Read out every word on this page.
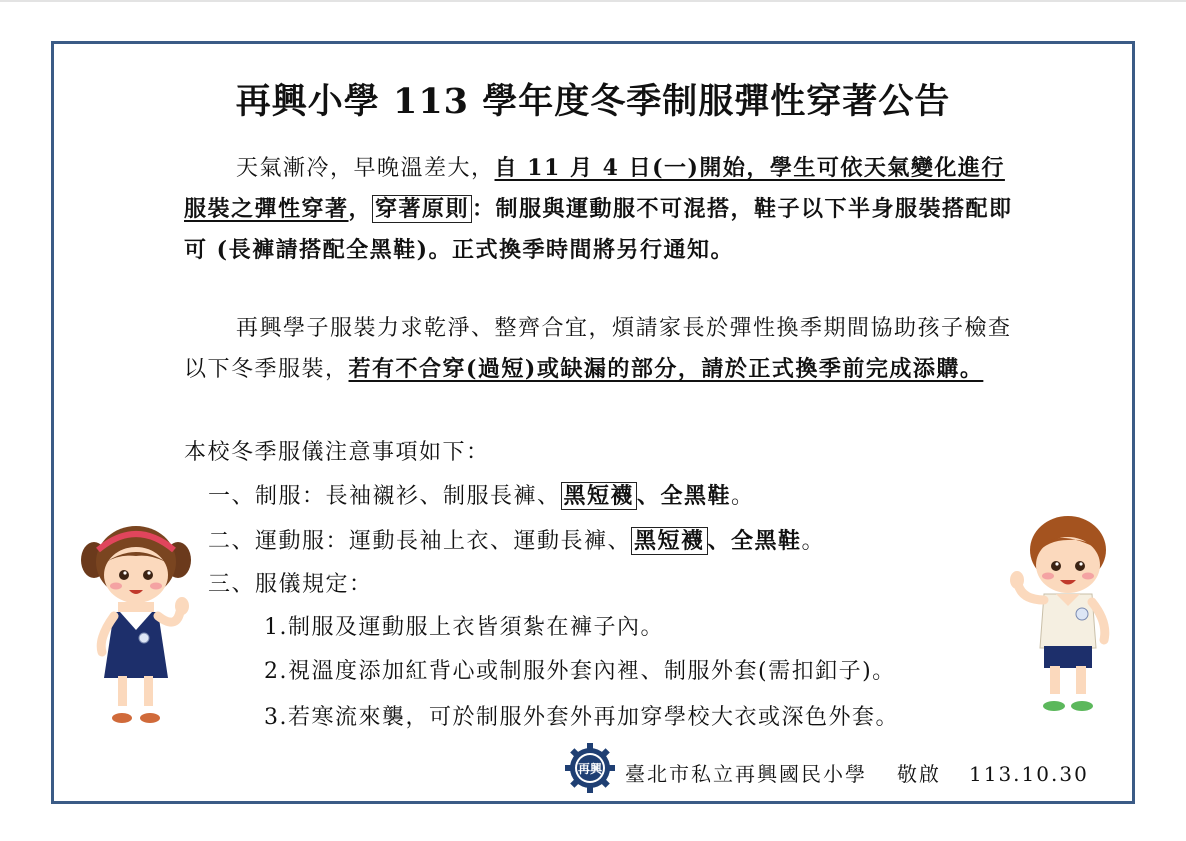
再興小學 113 學年度冬季制服彈性穿著公告
天氣漸冷，早晚溫差大，自 11 月 4 日(一)開始，學生可依天氣變化進行服裝之彈性穿著， 穿著原則 ：制服與運動服不可混搭，鞋子以下半身服裝搭配即可 (長褲請搭配全黑鞋)。正式換季時間將另行通知。
再興學子服裝力求乾淨、整齊合宜，煩請家長於彈性換季期間協助孩子檢查以下冬季服裝，若有不合穿(過短)或缺漏的部分，請於正式換季前完成添購。
本校冬季服儀注意事項如下：
一、制服：長袖襯衫、制服長褲、 黑短襪 、全黑鞋。
二、運動服：運動長袖上衣、運動長褲、 黑短襪 、全黑鞋。
三、服儀規定：
1.制服及運動服上衣皆須紮在褲子內。
2.視溫度添加紅背心或制服外套內裡、制服外套(需扣釦子)。
3.若寒流來襲，可於制服外套外再加穿學校大衣或深色外套。
再興 臺北市私立再興國民小學 敬啟 113.10.30
